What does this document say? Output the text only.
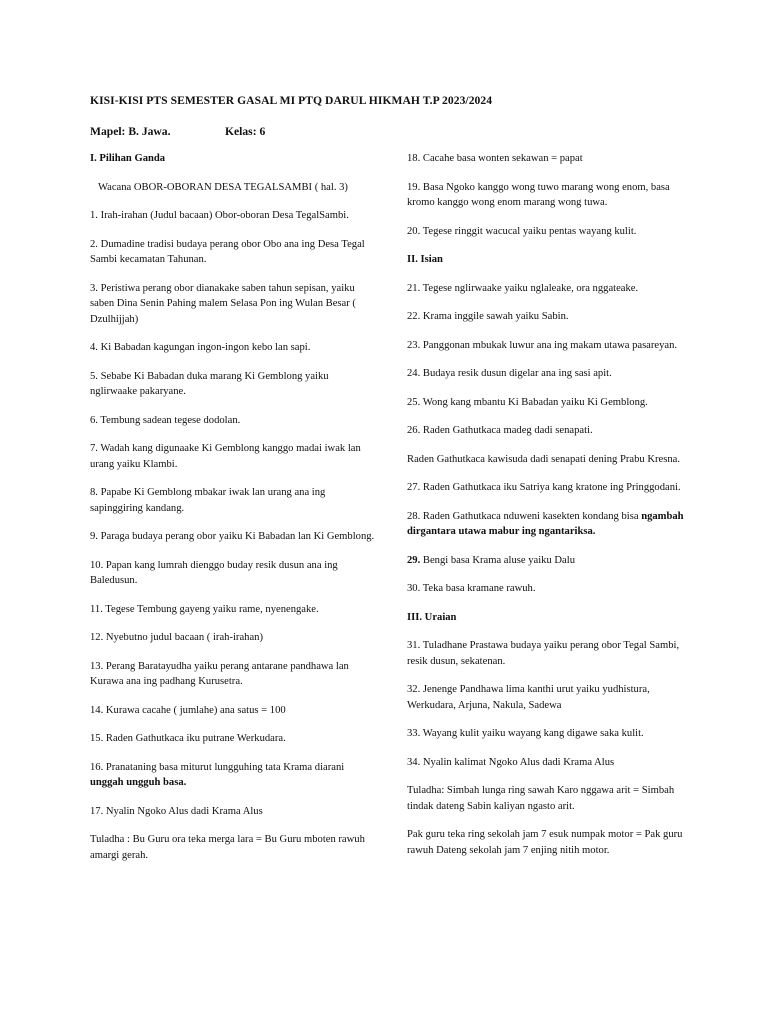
KISI-KISI PTS SEMESTER GASAL MI PTQ DARUL HIKMAH T.P 2023/2024

Mapel: B. Jawa.	Kelas: 6

I. Pilihan Ganda

Wacana OBOR-OBORAN DESA TEGALSAMBI ( hal. 3)

1. Irah-irahan (Judul bacaan) Obor-oboran Desa TegalSambi.

2. Dumadine tradisi budaya perang obor Obo ana ing Desa Tegal Sambi kecamatan Tahunan.

3. Peristiwa perang obor dianakake saben tahun sepisan, yaiku saben Dina Senin Pahing malem Selasa Pon ing Wulan Besar ( Dzulhijjah)

4. Ki Babadan kagungan ingon-ingon kebo lan sapi.

5. Sebabe Ki Babadan duka marang Ki Gemblong yaiku nglirwaake pakaryane.

6. Tembung sadean tegese dodolan.

7. Wadah kang digunaake Ki Gemblong kanggo madai iwak lan urang yaiku Klambi.

8. Papabe Ki Gemblong mbakar iwak lan urang ana ing sapinggiring kandang.

9. Paraga budaya perang obor yaiku Ki Babadan lan Ki Gemblong.

10. Papan kang lumrah dienggo buday resik dusun ana ing Baledusun.

11. Tegese Tembung gayeng yaiku rame, nyenengake.

12. Nyebutno judul bacaan ( irah-irahan)

13. Perang Baratayudha yaiku perang antarane pandhawa lan Kurawa ana ing padhang Kurusetra.

14. Kurawa cacahe ( jumlahe) ana satus = 100

15. Raden Gathutkaca iku putrane Werkudara.

16. Pranataning basa miturut lungguhing tata Krama diarani unggah ungguh basa.

17. Nyalin Ngoko Alus dadi Krama Alus

Tuladha : Bu Guru ora teka merga lara = Bu Guru mboten rawuh amargi gerah.

18. Cacahe basa wonten sekawan = papat

19. Basa Ngoko kanggo wong tuwo marang wong enom, basa kromo kanggo wong enom marang wong tuwa.

20. Tegese ringgit wacucal yaiku pentas wayang kulit.

II. Isian

21. Tegese nglirwaake yaiku nglaleake, ora nggateake.

22. Krama inggile sawah yaiku Sabin.

23. Panggonan mbukak luwur ana ing makam utawa pasareyan.

24. Budaya resik dusun digelar ana ing sasi apit.

25. Wong kang mbantu Ki Babadan yaiku Ki Gemblong.

26. Raden Gathutkaca madeg dadi senapati.

Raden Gathutkaca kawisuda dadi senapati dening Prabu Kresna.

27. Raden Gathutkaca iku Satriya kang kratone ing Pringgodani.

28. Raden Gathutkaca nduweni kasekten kondang bisa ngambah dirgantara utawa mabur ing ngantariksa.

29. Bengi basa Krama aluse yaiku Dalu

30. Teka basa kramane rawuh.

III. Uraian

31. Tuladhane Prastawa budaya yaiku perang obor Tegal Sambi, resik dusun, sekatenan.

32. Jenenge Pandhawa lima kanthi urut yaiku yudhistura, Werkudara, Arjuna, Nakula, Sadewa

33. Wayang kulit yaiku wayang kang digawe saka kulit.

34. Nyalin kalimat Ngoko Alus dadi Krama Alus

Tuladha: Simbah lunga ring sawah Karo nggawa arit = Simbah tindak dateng Sabin kaliyan ngasto arit.

Pak guru teka ring sekolah jam 7 esuk numpak motor = Pak guru rawuh Dateng sekolah jam 7 enjing nitih motor.
